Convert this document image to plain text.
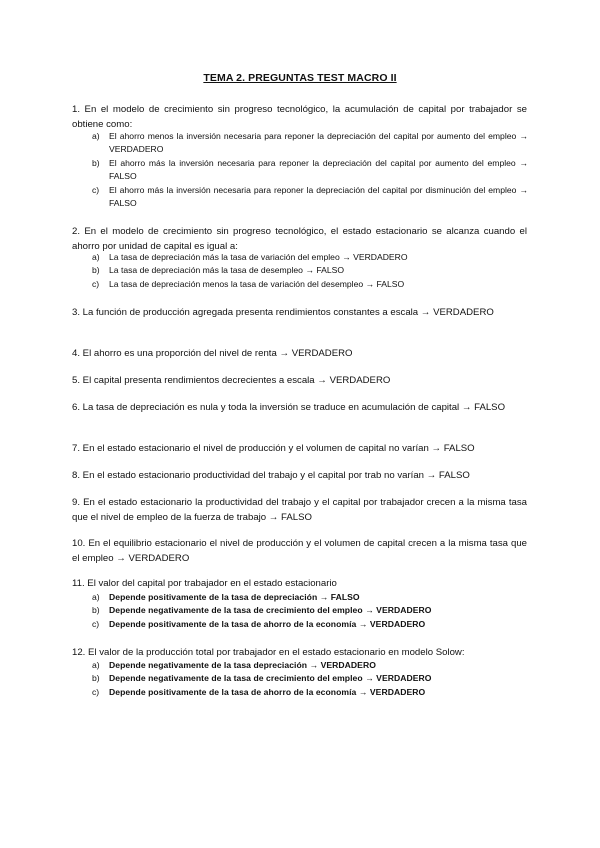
TEMA 2. PREGUNTAS TEST MACRO II

1. En el modelo de crecimiento sin progreso tecnológico, la acumulación de capital por trabajador se obtiene como:

a) El ahorro menos la inversión necesaria para reponer la depreciación del capital por aumento del empleo → VERDADERO
b) El ahorro más la inversión necesaria para reponer la depreciación del capital por aumento del empleo → FALSO
c) El ahorro más la inversión necesaria para reponer la depreciación del capital por disminución del empleo → FALSO

2. En el modelo de crecimiento sin progreso tecnológico, el estado estacionario se alcanza cuando el ahorro por unidad de capital es igual a:

a) La tasa de depreciación más la tasa de variación del empleo → VERDADERO
b) La tasa de depreciación más la tasa de desempleo → FALSO
c) La tasa de depreciación menos la tasa de variación del desempleo → FALSO

3. La función de producción agregada presenta rendimientos constantes a escala → VERDADERO

4. El ahorro es una proporción del nivel de renta → VERDADERO

5. El capital presenta rendimientos decrecientes a escala → VERDADERO

6. La tasa de depreciación es nula y toda la inversión se traduce en acumulación de capital → FALSO

7. En el estado estacionario el nivel de producción y el volumen de capital no varían → FALSO

8. En el estado estacionario productividad del trabajo y el capital por trab no varían → FALSO

9. En el estado estacionario la productividad del trabajo y el capital por trabajador crecen a la misma tasa que el nivel de empleo de la fuerza de trabajo → FALSO

10. En el equilibrio estacionario el nivel de producción y el volumen de capital crecen a la misma tasa que el empleo → VERDADERO

11. El valor del capital por trabajador en el estado estacionario

a) Depende positivamente de la tasa de depreciación → FALSO
b) Depende negativamente de la tasa de crecimiento del empleo → VERDADERO
c) Depende positivamente de la tasa de ahorro de la economía → VERDADERO

12. El valor de la producción total por trabajador en el estado estacionario en modelo Solow:

a) Depende negativamente de la tasa depreciación → VERDADERO
b) Depende negativamente de la tasa de crecimiento del empleo → VERDADERO
c) Depende positivamente de la tasa de ahorro de la economía → VERDADERO
